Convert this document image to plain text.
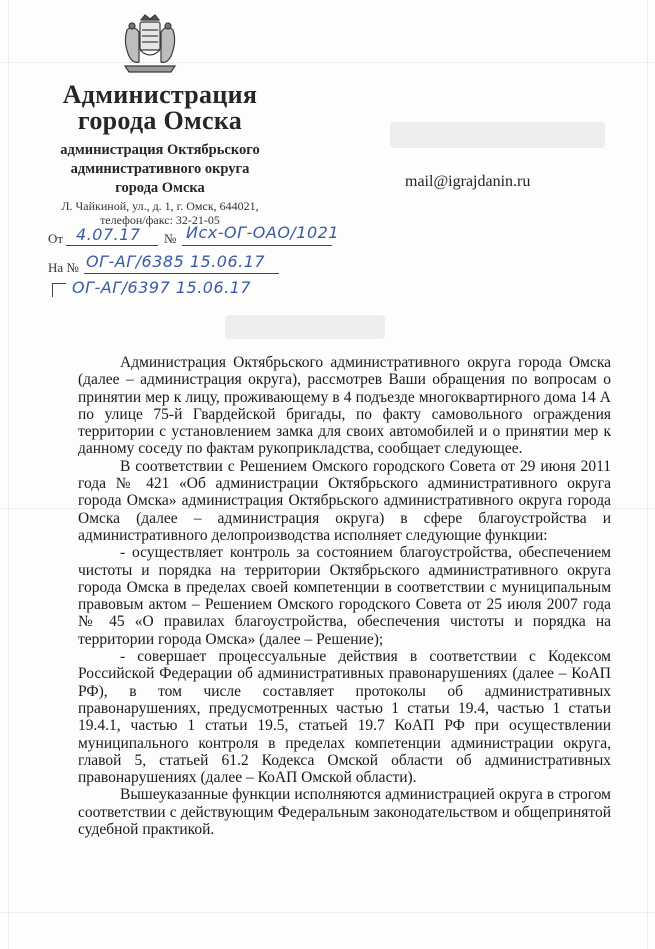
Администрация
города Омска
администрация Октябрьского
административного округа
города Омска
Л. Чайкиной, ул., д. 1, г. Омск, 644021,
телефон/факс: 32-21-05
От 4.07.17 № Исх-ОГ-ОАО/1021
На № ОГ-АГ/6385 15.06.17
ОГ-АГ/6397 15.06.17
mail@igrajdanin.ru

Администрация Октябрьского административного округа города Омска (далее – администрация округа), рассмотрев Ваши обращения по вопросам о принятии мер к лицу, проживающему в 4 подъезде многоквартирного дома 14 А по улице 75-й Гвардейской бригады, по факту самовольного ограждения территории с установлением замка для своих автомобилей и о принятии мер к данному соседу по фактам рукоприкладства, сообщает следующее.

В соответствии с Решением Омского городского Совета от 29 июня 2011 года № 421 «Об администрации Октябрьского административного округа города Омска» администрация Октябрьского административного округа города Омска (далее – администрация округа) в сфере благоустройства и административного делопроизводства исполняет следующие функции:

- осуществляет контроль за состоянием благоустройства, обеспечением чистоты и порядка на территории Октябрьского административного округа города Омска в пределах своей компетенции в соответствии с муниципальным правовым актом – Решением Омского городского Совета от 25 июля 2007 года № 45 «О правилах благоустройства, обеспечения чистоты и порядка на территории города Омска» (далее – Решение);

- совершает процессуальные действия в соответствии с Кодексом Российской Федерации об административных правонарушениях (далее – КоАП РФ), в том числе составляет протоколы об административных правонарушениях, предусмотренных частью 1 статьи 19.4, частью 1 статьи 19.4.1, частью 1 статьи 19.5, статьей 19.7 КоАП РФ при осуществлении муниципального контроля в пределах компетенции администрации округа, главой 5, статьей 61.2 Кодекса Омской области об административных правонарушениях (далее – КоАП Омской области).

Вышеуказанные функции исполняются администрацией округа в строгом соответствии с действующим Федеральным законодательством и общепринятой судебной практикой.
